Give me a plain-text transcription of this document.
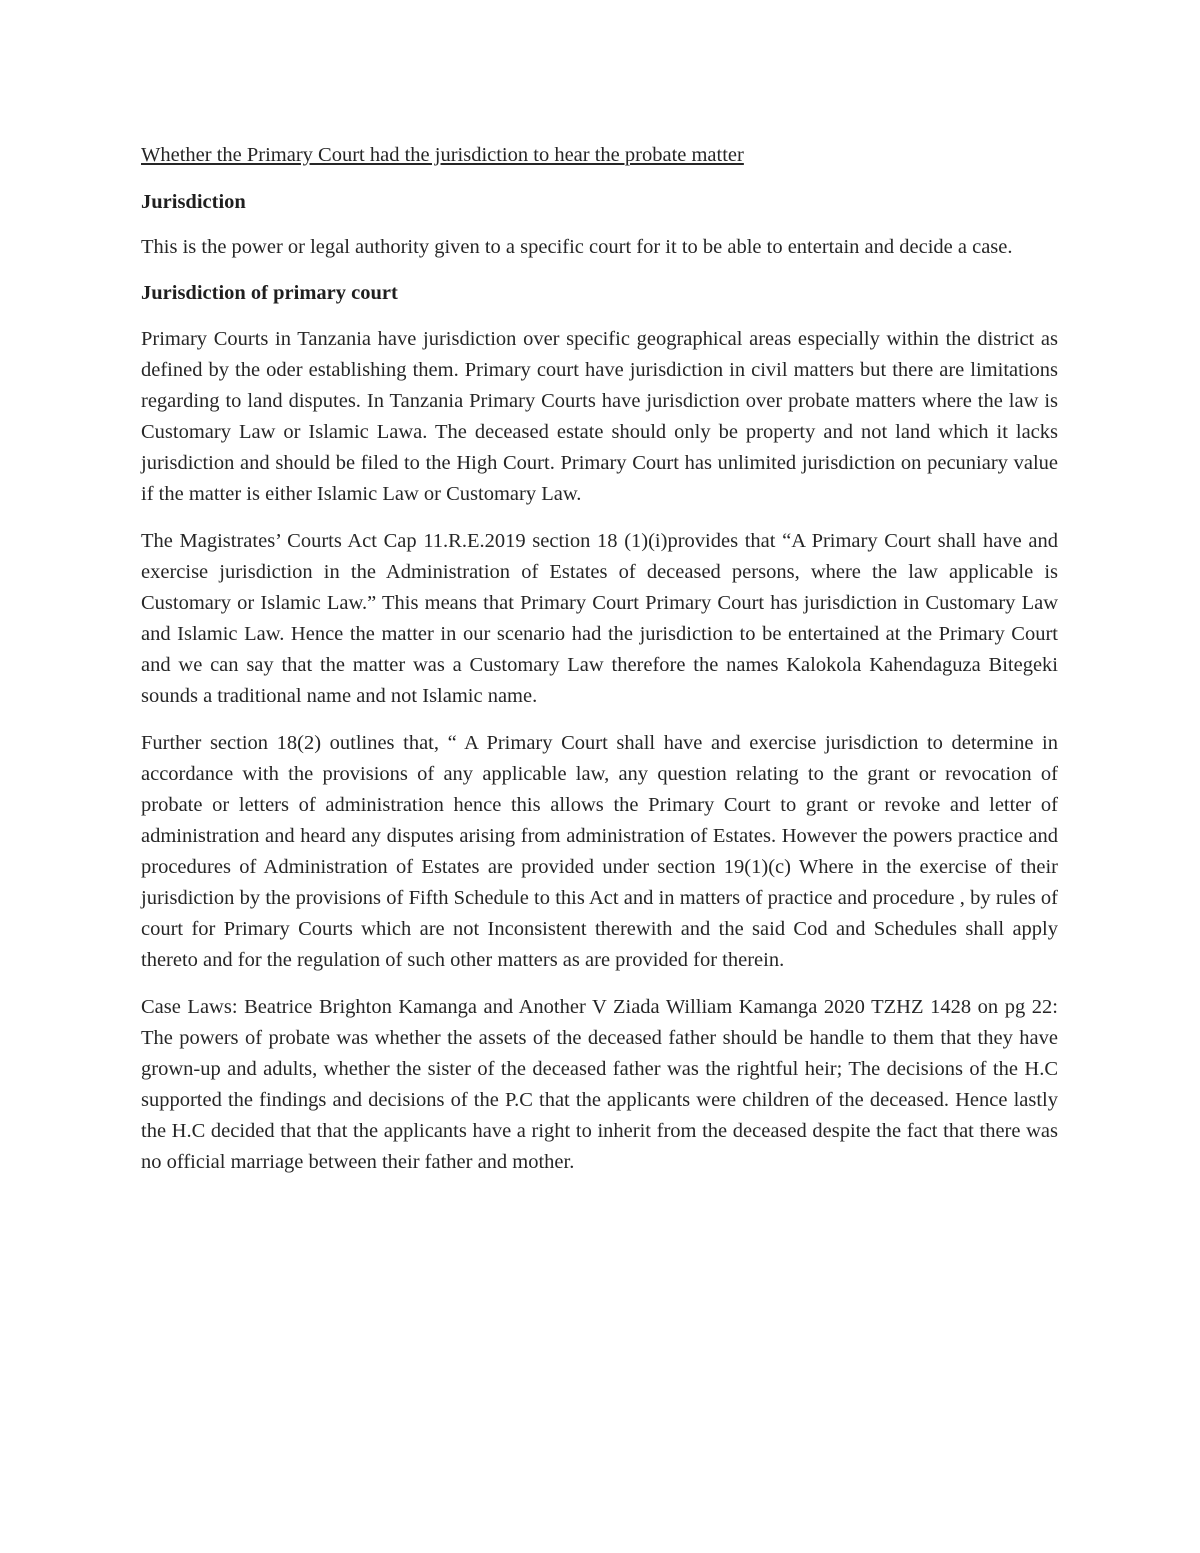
Whether the Primary Court had the jurisdiction to hear the probate matter

Jurisdiction

This is the power or legal authority given to a specific court for it to be able to entertain and decide a case.

Jurisdiction of primary court

Primary Courts in Tanzania have jurisdiction over specific geographical areas especially within the district as defined by the oder establishing them. Primary court have jurisdiction in civil matters but there are limitations regarding to land disputes. In Tanzania Primary Courts have jurisdiction over probate matters where the law is Customary Law or Islamic Lawa. The deceased estate should only be property and not land which it lacks jurisdiction and should be filed to the High Court. Primary Court has unlimited jurisdiction on pecuniary value if the matter is either Islamic Law or Customary Law.

The Magistrates’ Courts Act Cap 11.R.E.2019 section 18 (1)(i)provides that “A Primary Court shall have and exercise jurisdiction in the Administration of Estates of deceased persons, where the law applicable is Customary or Islamic Law.” This means that Primary Court Primary Court has jurisdiction in Customary Law and Islamic Law. Hence the matter in our scenario had the jurisdiction to be entertained at the Primary Court and we can say that the matter was a Customary Law therefore the names Kalokola Kahendaguza Bitegeki sounds a traditional name and not Islamic name.

Further section 18(2) outlines that, “ A Primary Court shall have and exercise jurisdiction to determine in accordance with the provisions of any applicable law, any question relating to the grant or revocation of probate or letters of administration hence this allows the Primary Court to grant or revoke and letter of administration and heard any disputes arising from administration of Estates. However the powers practice and procedures of Administration of Estates are provided under section 19(1)(c) Where in the exercise of their jurisdiction by the provisions of Fifth Schedule to this Act and in matters of practice and procedure , by rules of court for Primary Courts which are not Inconsistent therewith and the said Cod and Schedules shall apply thereto and for the regulation of such other matters as are provided for therein.

Case Laws: Beatrice Brighton Kamanga and Another V Ziada William Kamanga 2020 TZHZ 1428 on pg 22: The powers of probate was whether the assets of the deceased father should be handle to them that they have grown-up and adults, whether the sister of the deceased father was the rightful heir; The decisions of the H.C supported the findings and decisions of the P.C that the applicants were children of the deceased. Hence lastly the H.C decided that that the applicants have a right to inherit from the deceased despite the fact that there was no official marriage between their father and mother.
